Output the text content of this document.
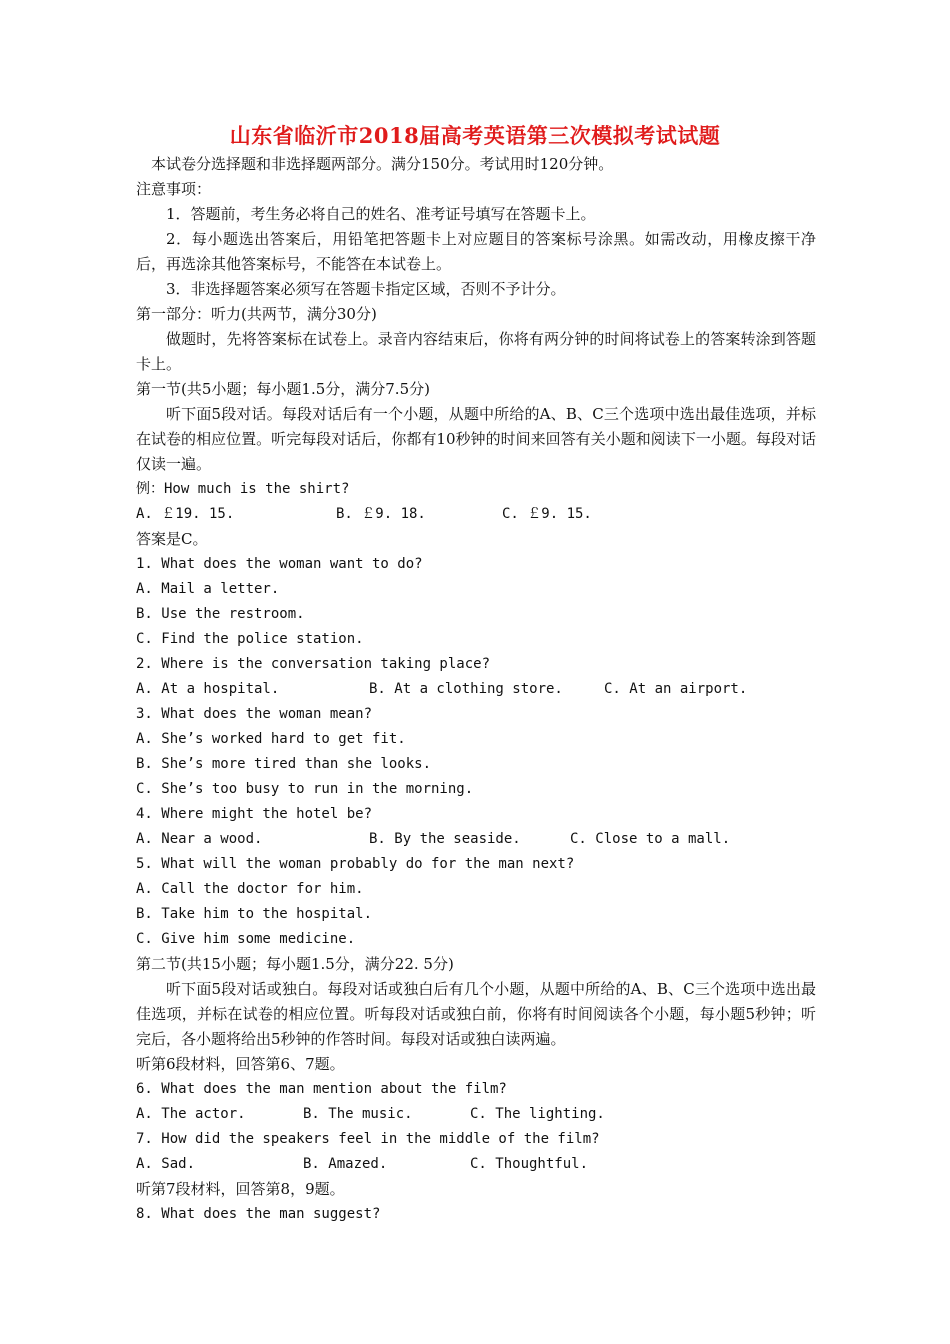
山东省临沂市2018届高考英语第三次模拟考试试题

本试卷分选择题和非选择题两部分。满分150分。考试用时120分钟。

注意事项：

1．答题前，考生务必将自己的姓名、准考证号填写在答题卡上。

2．每小题选出答案后，用铅笔把答题卡上对应题目的答案标号涂黑。如需改动，用橡皮擦干净后，再选涂其他答案标号，不能答在本试卷上。

3．非选择题答案必须写在答题卡指定区域，否则不予计分。

第一部分：听力(共两节，满分30分)

做题时，先将答案标在试卷上。录音内容结束后，你将有两分钟的时间将试卷上的答案转涂到答题卡上。

第一节(共5小题；每小题1.5分，满分7.5分)

听下面5段对话。每段对话后有一个小题，从题中所给的A、B、C三个选项中选出最佳选项，并标在试卷的相应位置。听完每段对话后，你都有10秒钟的时间来回答有关小题和阅读下一小题。每段对话仅读一遍。

例：How much is the shirt?

A. ￡19. 15.	B. ￡9. 18.	C. ￡9. 15.

答案是C。

1. What does the woman want to do?

A. Mail a letter.

B. Use the restroom.

C. Find the police station.

2. Where is the conversation taking place?

A. At a hospital.	B. At a clothing store.	C. At an airport.

3. What does the woman mean?

A. She’s worked hard to get fit.

B. She’s more tired than she looks.

C. She’s too busy to run in the morning.

4. Where might the hotel be?

A. Near a wood.	B. By the seaside.	C. Close to a mall.

5. What will the woman probably do for the man next?

A. Call the doctor for him.

B. Take him to the hospital.

C. Give him some medicine.

第二节(共15小题；每小题1.5分，满分22. 5分)

听下面5段对话或独白。每段对话或独白后有几个小题，从题中所给的A、B、C三个选项中选出最佳选项，并标在试卷的相应位置。听每段对话或独白前，你将有时间阅读各个小题，每小题5秒钟；听完后，各小题将给出5秒钟的作答时间。每段对话或独白读两遍。

听第6段材料，回答第6、7题。

6. What does the man mention about the film?

A. The actor.	B. The music.	C. The lighting.

7. How did the speakers feel in the middle of the film?

A. Sad.	B. Amazed.	C. Thoughtful.

听第7段材料，回答第8，9题。

8. What does the man suggest?
